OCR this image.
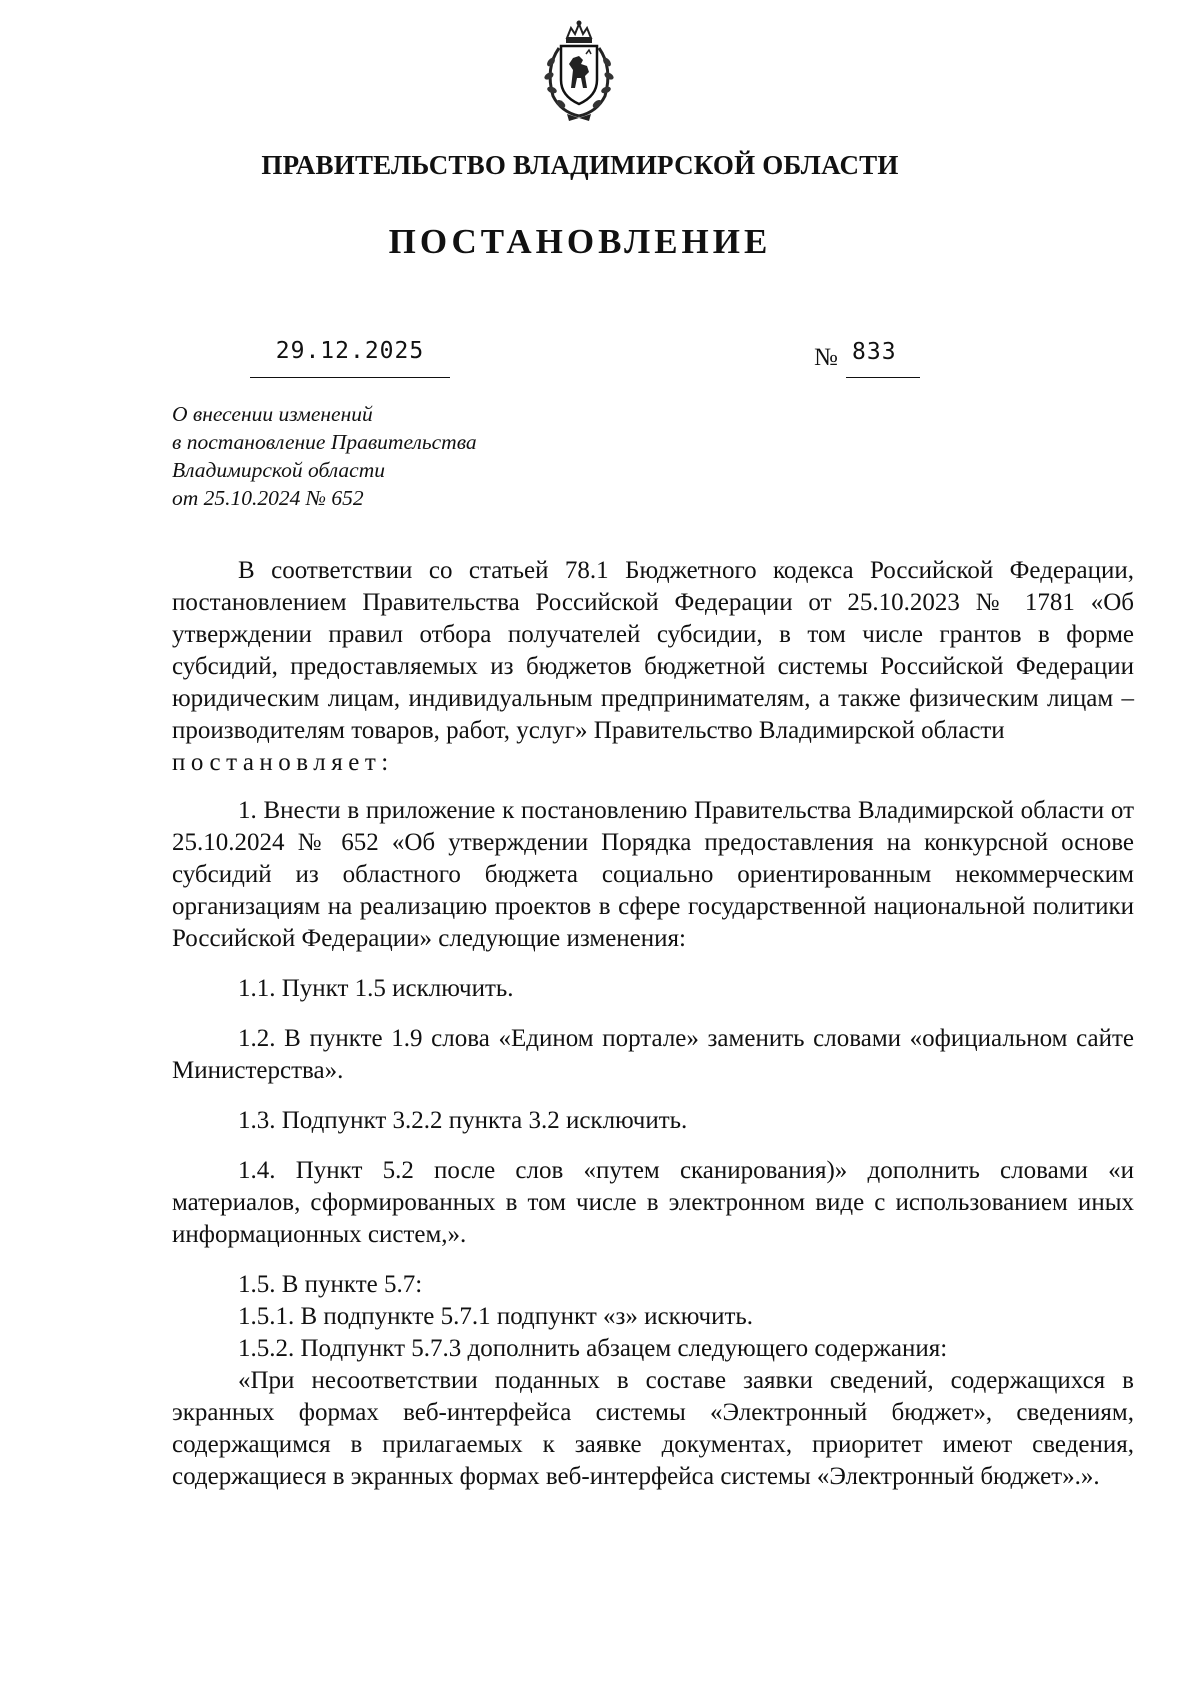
ПРАВИТЕЛЬСТВО ВЛАДИМИРСКОЙ ОБЛАСТИ
ПОСТАНОВЛЕНИЕ
29.12.2025	№ 833
О внесении изменений
в постановление Правительства
Владимирской области
от 25.10.2024 № 652

В соответствии со статьей 78.1 Бюджетного кодекса Российской Федерации, постановлением Правительства Российской Федерации от 25.10.2023 № 1781 «Об утверждении правил отбора получателей субсидии, в том числе грантов в форме субсидий, предоставляемых из бюджетов бюджетной системы Российской Федерации юридическим лицам, индивидуальным предпринимателям, а также физическим лицам – производителям товаров, работ, услуг» Правительство Владимирской области

постановляет:

1. Внести в приложение к постановлению Правительства Владимирской области от 25.10.2024 № 652 «Об утверждении Порядка предоставления на конкурсной основе субсидий из областного бюджета социально ориентированным некоммерческим организациям на реализацию проектов в сфере государственной национальной политики Российской Федерации» следующие изменения:

1.1. Пункт 1.5 исключить.

1.2. В пункте 1.9 слова «Едином портале» заменить словами «официальном сайте Министерства».

1.3. Подпункт 3.2.2 пункта 3.2 исключить.

1.4. Пункт 5.2 после слов «путем сканирования)» дополнить словами «и материалов, сформированных в том числе в электронном виде с использованием иных информационных систем,».

1.5. В пункте 5.7:

1.5.1. В подпункте 5.7.1 подпункт «з» искючить.

1.5.2. Подпункт 5.7.3 дополнить абзацем следующего содержания:

«При несоответствии поданных в составе заявки сведений, содержащихся в экранных формах веб-интерфейса системы «Электронный бюджет», сведениям, содержащимся в прилагаемых к заявке документах, приоритет имеют сведения, содержащиеся в экранных формах веб-интерфейса системы «Электронный бюджет».».
